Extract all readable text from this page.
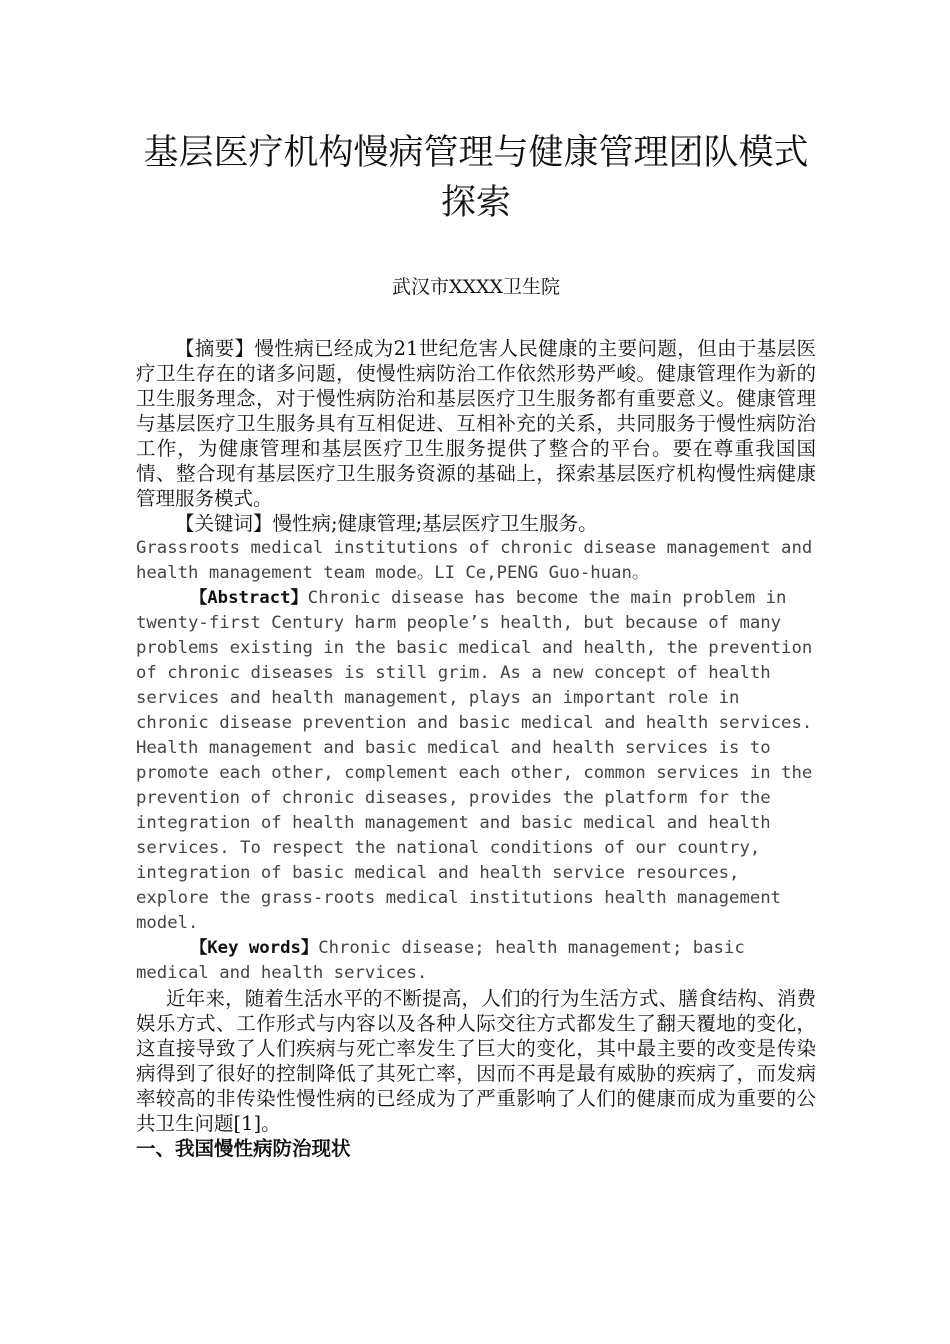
基层医疗机构慢病管理与健康管理团队模式
探索
武汉市XXXX卫生院

【摘要】慢性病已经成为21世纪危害人民健康的主要问题，但由于基层医疗卫生存在的诸多问题，使慢性病防治工作依然形势严峻。健康管理作为新的卫生服务理念，对于慢性病防治和基层医疗卫生服务都有重要意义。健康管理与基层医疗卫生服务具有互相促进、互相补充的关系，共同服务于慢性病防治工作，为健康管理和基层医疗卫生服务提供了整合的平台。要在尊重我国国情、整合现有基层医疗卫生服务资源的基础上，探索基层医疗机构慢性病健康管理服务模式。

【关键词】慢性病;健康管理;基层医疗卫生服务。

Grassroots medical institutions of chronic disease management and health management team mode。LI Ce,PENG Guo-huan。

【Abstract】Chronic disease has become the main problem in twenty-first Century harm people’s health, but because of many problems existing in the basic medical and health, the prevention of chronic diseases is still grim. As a new concept of health services and health management, plays an important role in chronic disease prevention and basic medical and health services. Health management and basic medical and health services is to promote each other, complement each other, common services in the prevention of chronic diseases, provides the platform for the integration of health management and basic medical and health services. To respect the national conditions of our country, integration of basic medical and health service resources, explore the grass-roots medical institutions health management model.

【Key words】Chronic disease; health management; basic medical and health services.

近年来，随着生活水平的不断提高，人们的行为生活方式、膳食结构、消费娱乐方式、工作形式与内容以及各种人际交往方式都发生了翻天覆地的变化，这直接导致了人们疾病与死亡率发生了巨大的变化，其中最主要的改变是传染病得到了很好的控制降低了其死亡率，因而不再是最有威胁的疾病了，而发病率较高的非传染性慢性病的已经成为了严重影响了人们的健康而成为重要的公共卫生问题[1]。

一、我国慢性病防治现状
